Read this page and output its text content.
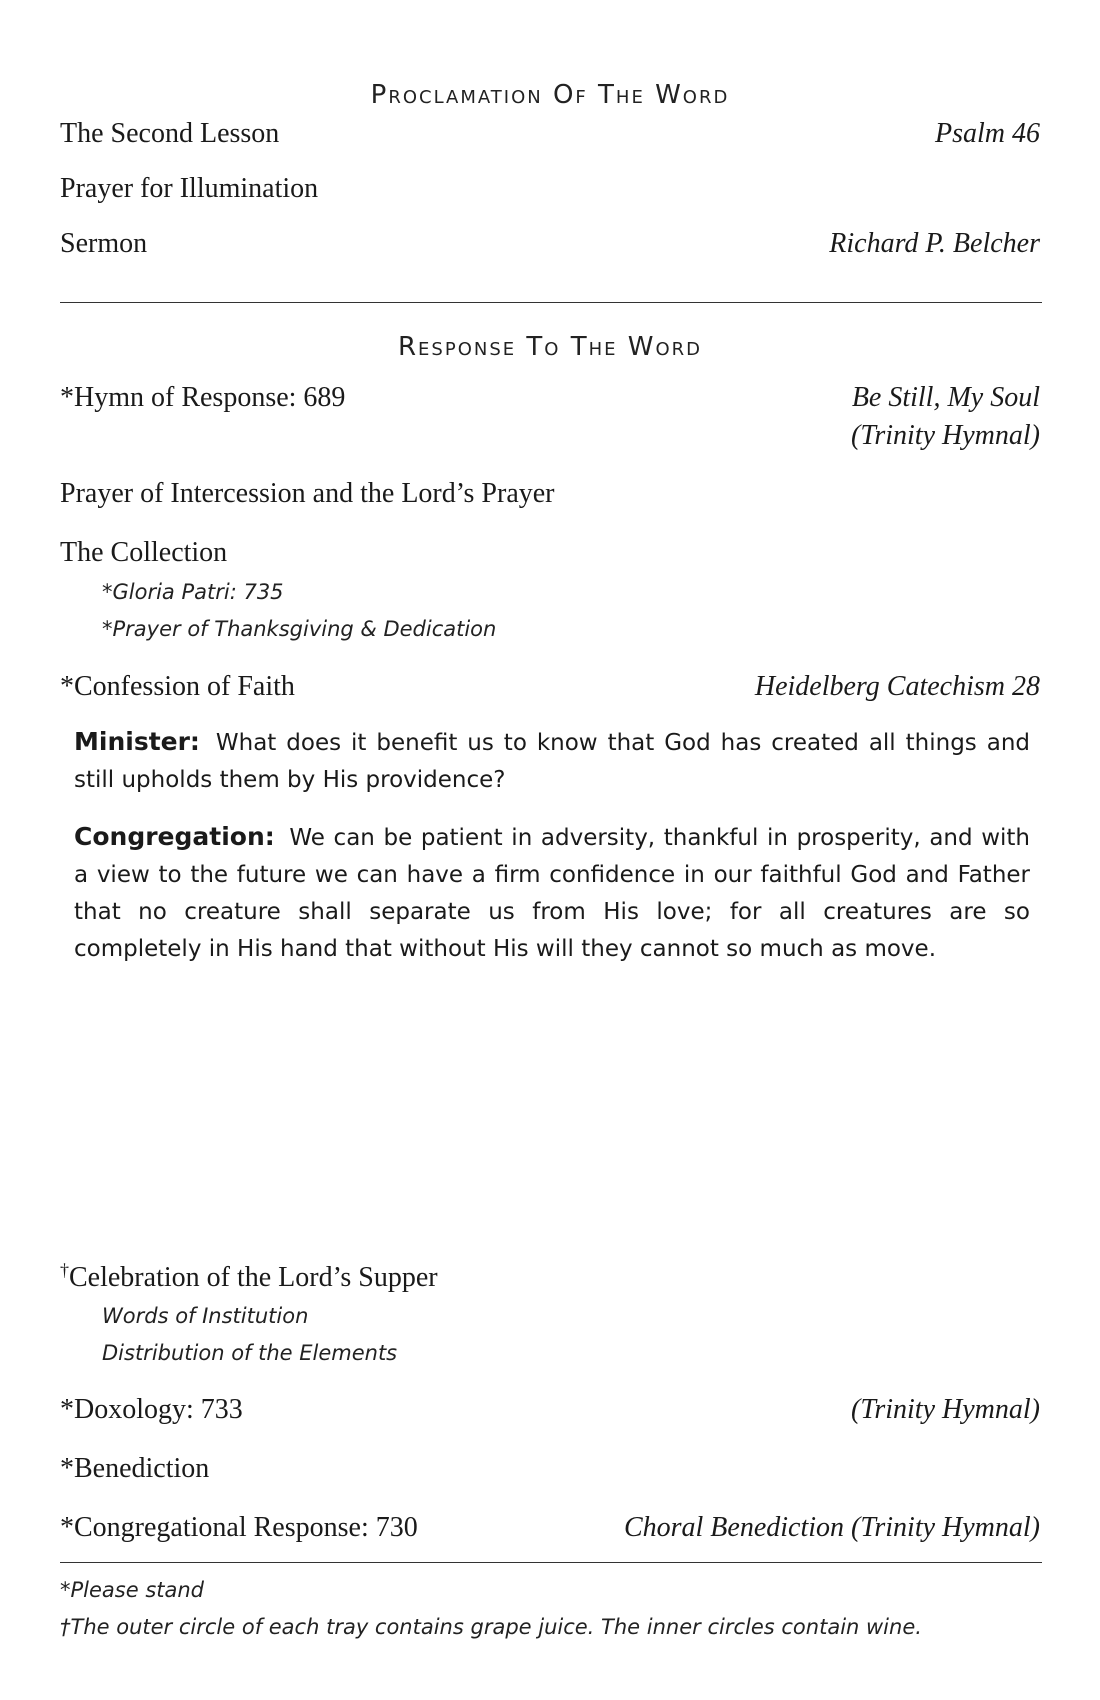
Proclamation Of The Word
The Second Lesson	Psalm 46
Prayer for Illumination
Sermon	Richard P. Belcher
Response To The Word
*Hymn of Response: 689	Be Still, My Soul
(Trinity Hymnal)
Prayer of Intercession and the Lord’s Prayer
The Collection
*Gloria Patri: 735
*Prayer of Thanksgiving & Dedication
*Confession of Faith	Heidelberg Catechism 28
Minister: What does it benefit us to know that God has created all things and still upholds them by His providence?
Congregation: We can be patient in adversity, thankful in prosperity, and with a view to the future we can have a firm confidence in our faithful God and Father that no creature shall separate us from His love; for all creatures are so completely in His hand that without His will they cannot so much as move.
†Celebration of the Lord’s Supper
Words of Institution
Distribution of the Elements
*Doxology: 733	(Trinity Hymnal)
*Benediction
*Congregational Response: 730	Choral Benediction (Trinity Hymnal)
*Please stand
†The outer circle of each tray contains grape juice. The inner circles contain wine.
